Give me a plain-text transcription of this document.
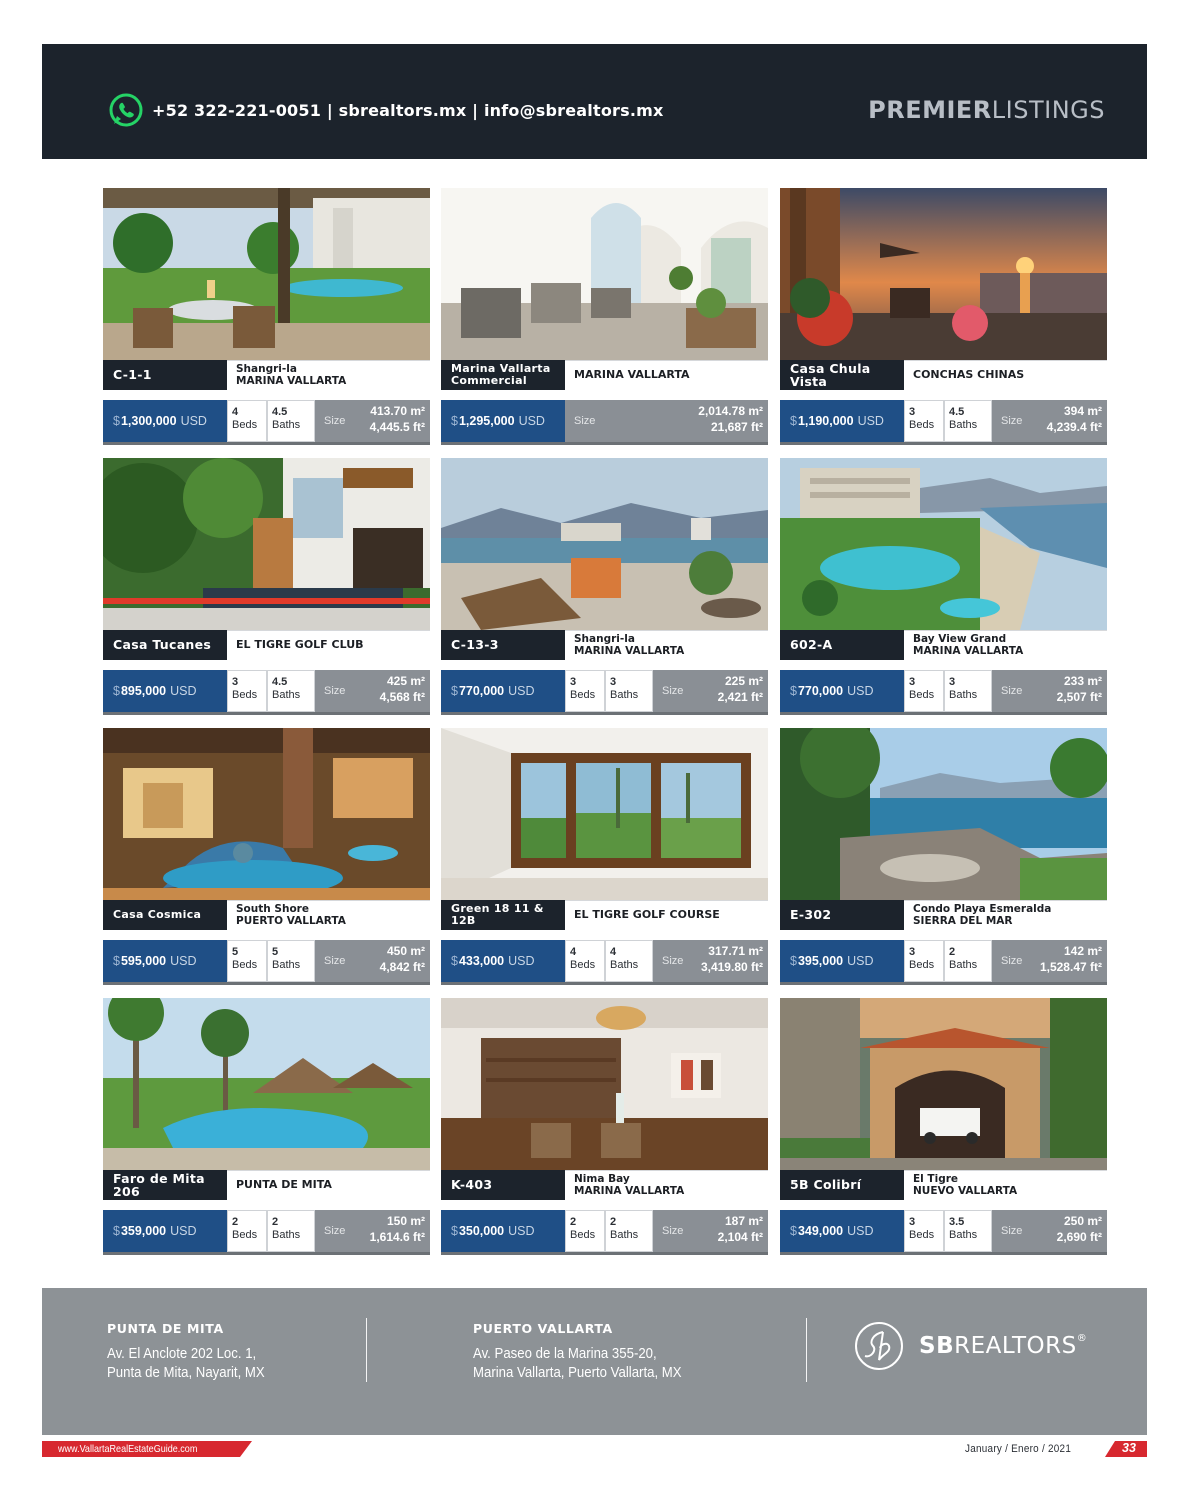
+52 322-221-0051 | sbrealtors.mx | info@sbrealtors.mx	PREMIERLISTINGS
C-1-1	Shangri-la
MARINA VALLARTA
$ 1,300,000 USD
4
Beds
4.5
Baths	Size
413.70 m²
4,445.5 ft²
Marina Vallarta Commercial	MARINA VALLARTA
$ 1,295,000 USD	Size
2,014.78 m²
21,687 ft²
Casa Chula Vista	CONCHAS CHINAS
$ 1,190,000 USD
3
Beds
4.5
Baths	Size
394 m²
4,239.4 ft²
Casa Tucanes	EL TIGRE GOLF CLUB
$ 895,000 USD
3
Beds
4.5
Baths	Size
425 m²
4,568 ft²
C-13-3	Shangri-la
MARINA VALLARTA
$ 770,000 USD
3
Beds
3
Baths	Size
225 m²
2,421 ft²
602-A	Bay View Grand
MARINA VALLARTA
$ 770,000 USD
3
Beds
3
Baths	Size
233 m²
2,507 ft²
Casa Cosmica	South Shore
PUERTO VALLARTA
$ 595,000 USD
5
Beds
5
Baths	Size
450 m²
4,842 ft²
Green 18 11 & 12B	EL TIGRE GOLF COURSE
$ 433,000 USD
4
Beds
4
Baths	Size
317.71 m²
3,419.80 ft²
E-302	Condo Playa Esmeralda
SIERRA DEL MAR
$ 395,000 USD
3
Beds
2
Baths	Size
142 m²
1,528.47 ft²
Faro de Mita 206	PUNTA DE MITA
$ 359,000 USD
2
Beds
2
Baths	Size
150 m²
1,614.6 ft²
K-403	Nima Bay
MARINA VALLARTA
$ 350,000 USD
2
Beds
2
Baths	Size
187 m²
2,104 ft²
5B Colibrí	El Tigre
NUEVO VALLARTA
$ 349,000 USD
3
Beds
3.5
Baths	Size
250 m²
2,690 ft²
PUNTA DE MITA

Av. El Anclote 202 Loc. 1,

Punta de Mita, Nayarit, MX

PUERTO VALLARTA

Av. Paseo de la Marina 355-20,

Marina Vallarta, Puerto Vallarta, MX

SBREALTORS®
www.VallartaRealEstateGuide.com	January / Enero / 2021	33
